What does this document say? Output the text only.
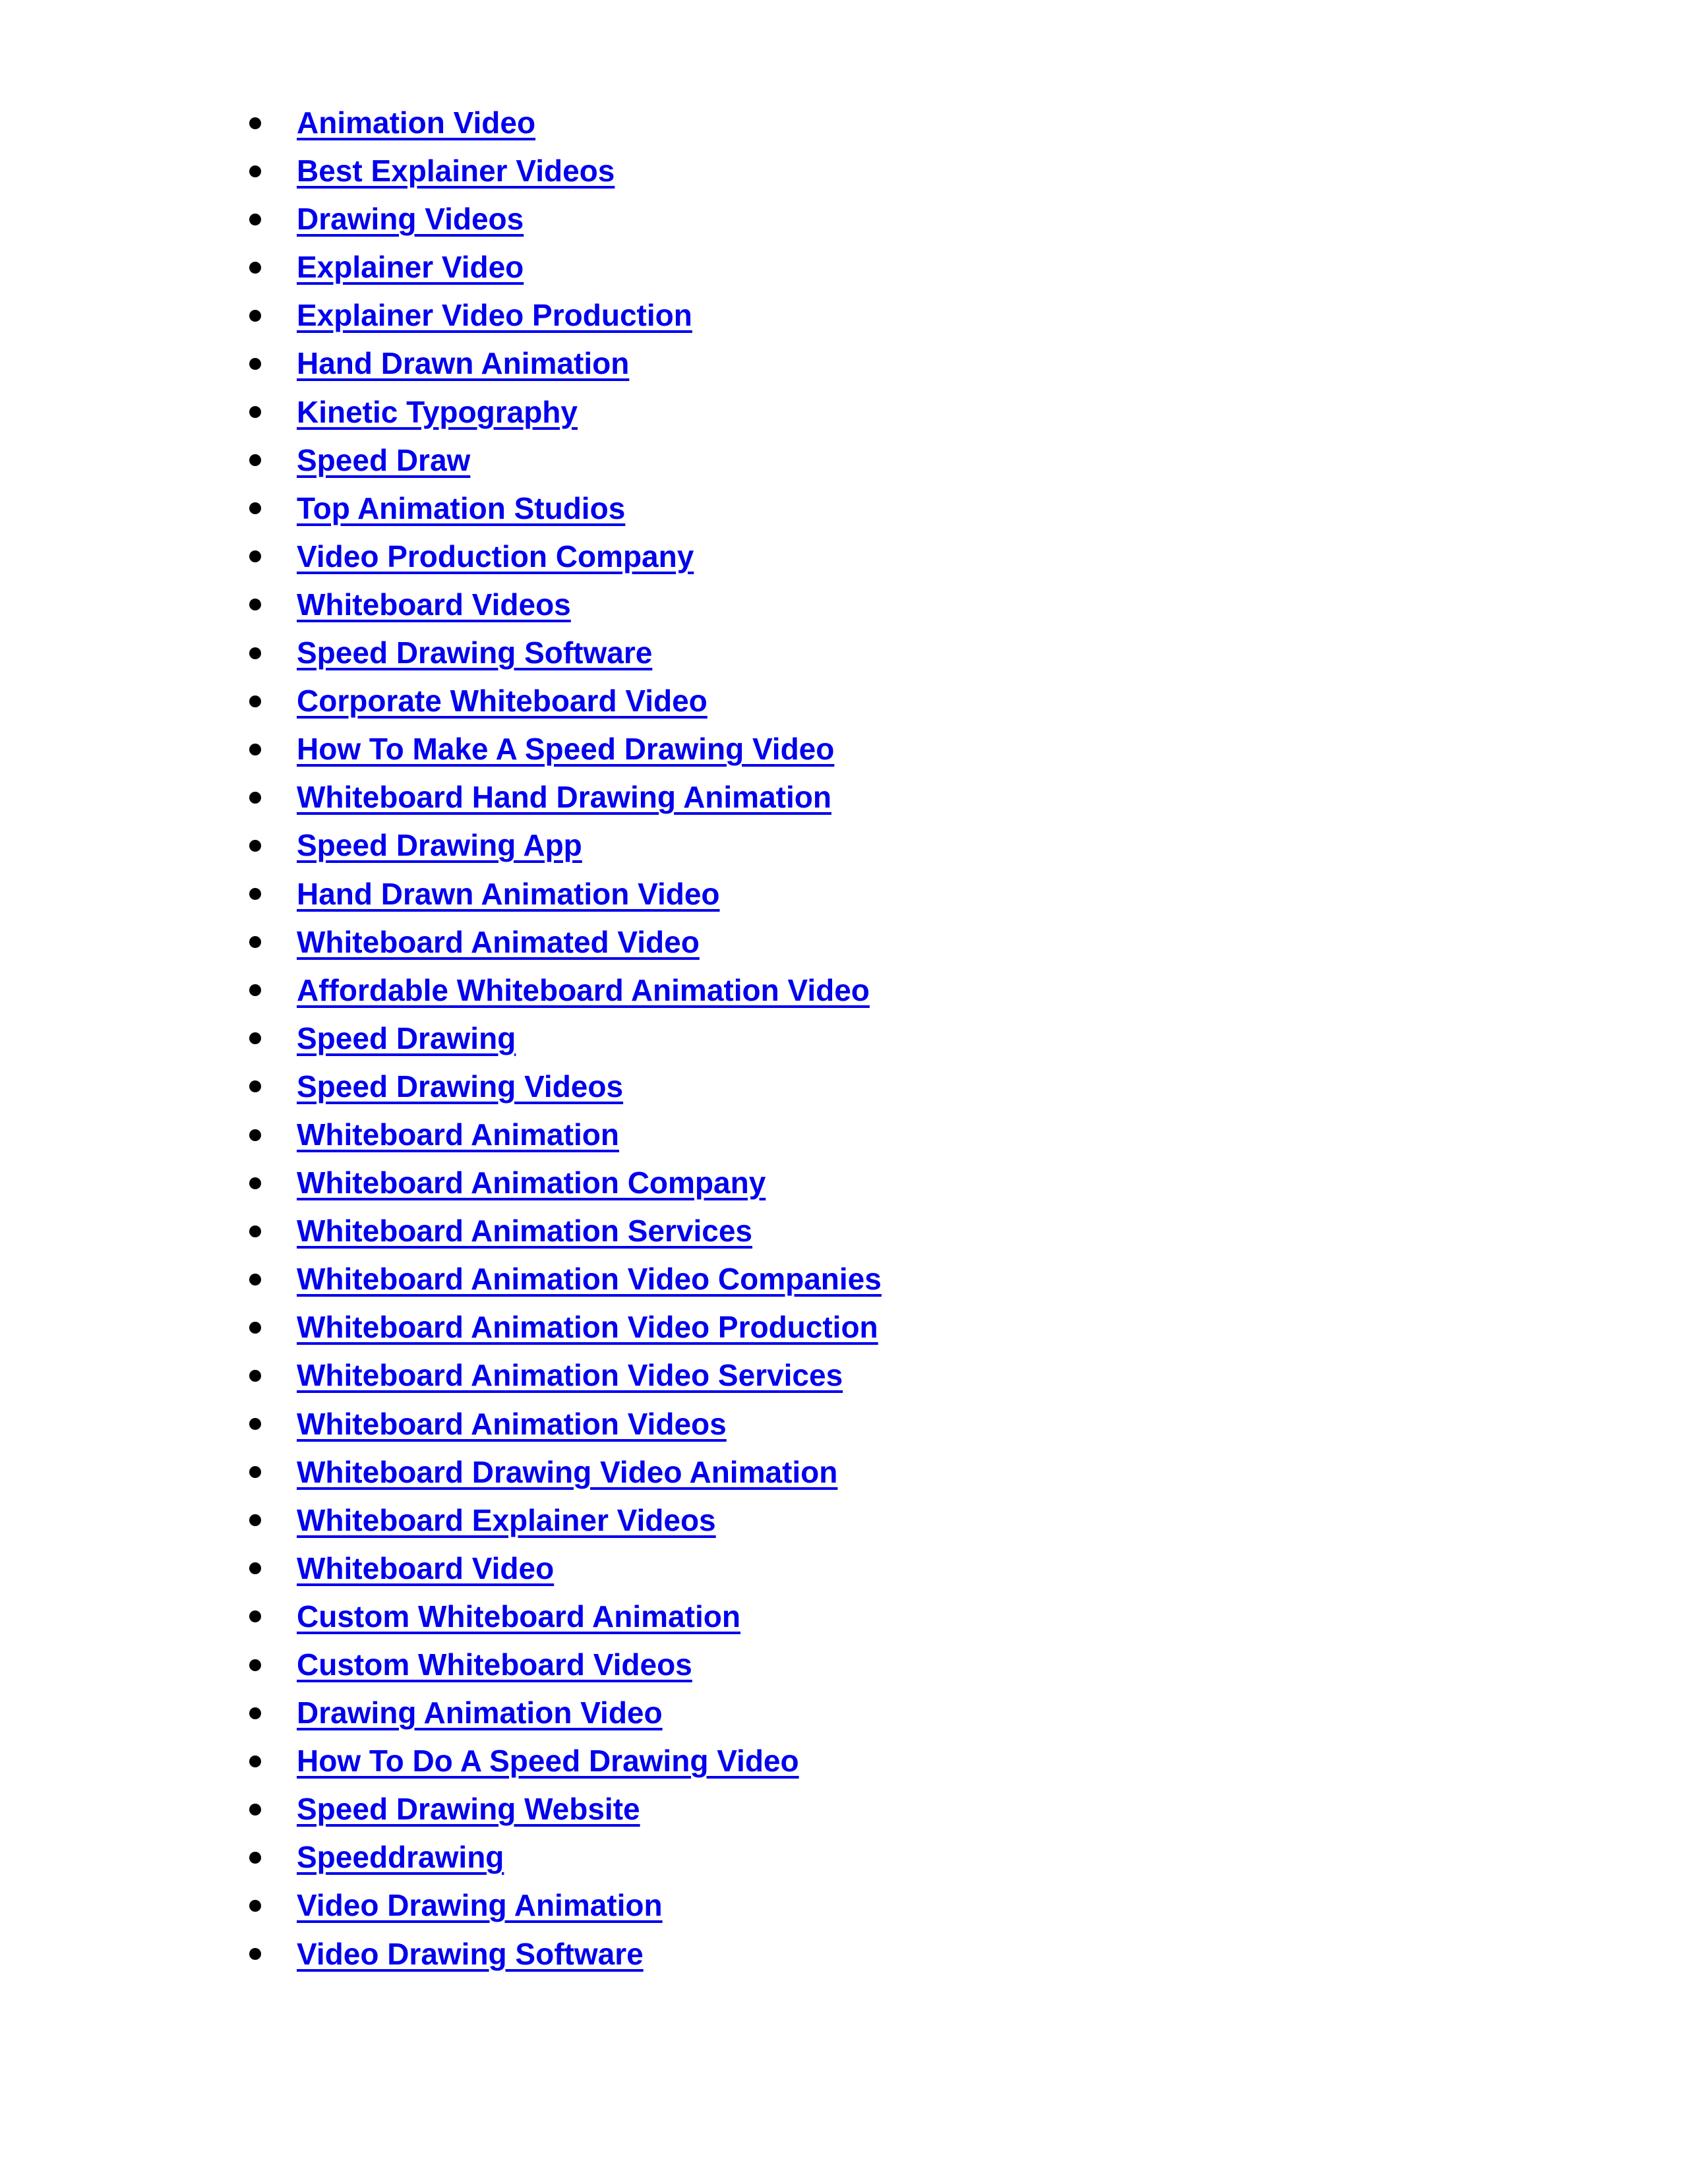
Animation Video
Best Explainer Videos
Drawing Videos
Explainer Video
Explainer Video Production
Hand Drawn Animation
Kinetic Typography
Speed Draw
Top Animation Studios
Video Production Company
Whiteboard Videos
Speed Drawing Software
Corporate Whiteboard Video
How To Make A Speed Drawing Video
Whiteboard Hand Drawing Animation
Speed Drawing App
Hand Drawn Animation Video
Whiteboard Animated Video
Affordable Whiteboard Animation Video
Speed Drawing
Speed Drawing Videos
Whiteboard Animation
Whiteboard Animation Company
Whiteboard Animation Services
Whiteboard Animation Video Companies
Whiteboard Animation Video Production
Whiteboard Animation Video Services
Whiteboard Animation Videos
Whiteboard Drawing Video Animation
Whiteboard Explainer Videos
Whiteboard Video
Custom Whiteboard Animation
Custom Whiteboard Videos
Drawing Animation Video
How To Do A Speed Drawing Video
Speed Drawing Website
Speeddrawing
Video Drawing Animation
Video Drawing Software
